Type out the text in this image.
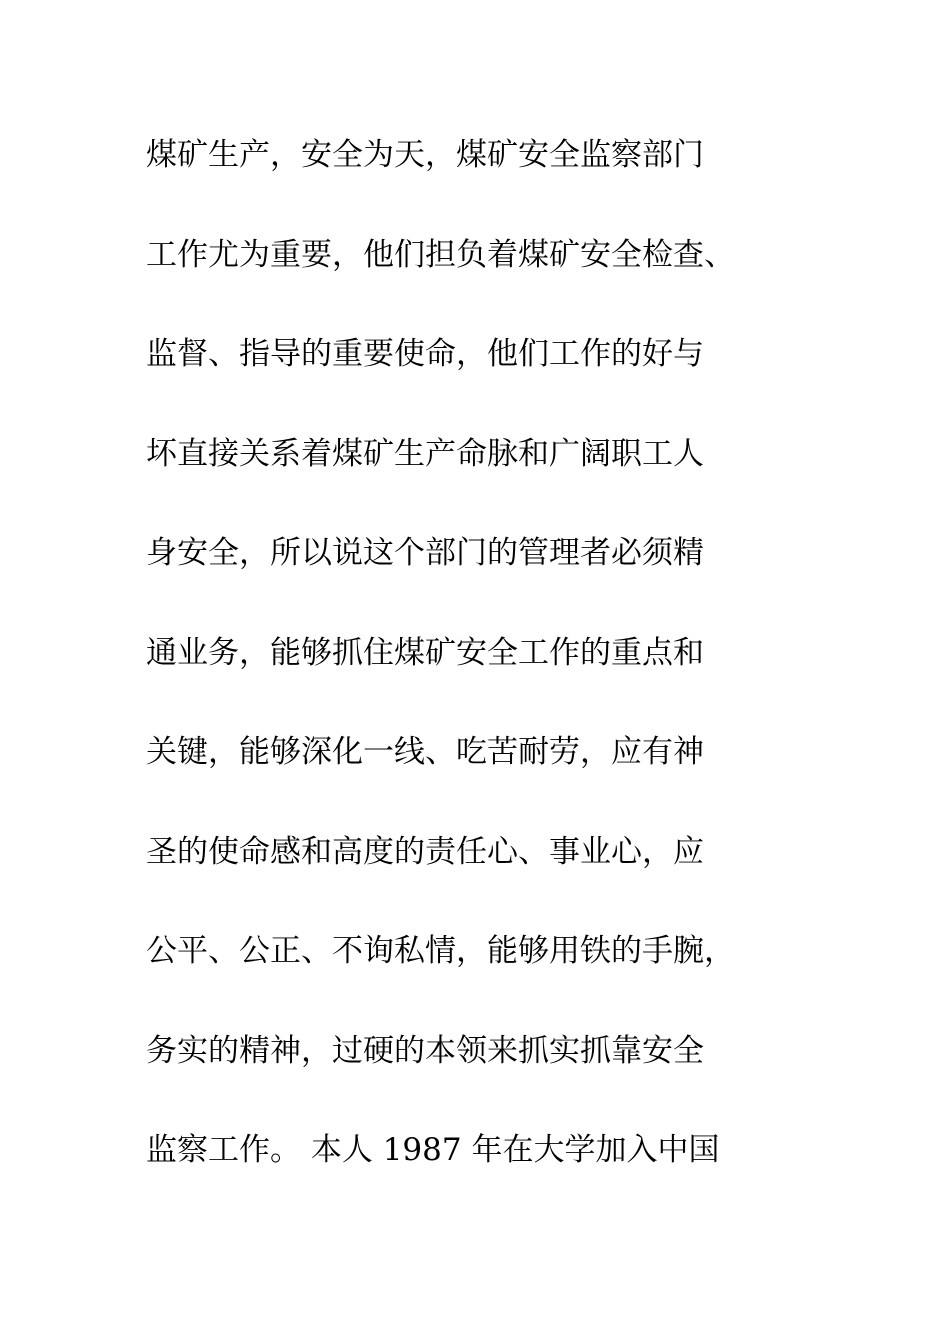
煤矿生产，安全为天，煤矿安全监察部门
工作尤为重要，他们担负着煤矿安全检查、
监督、指导的重要使命，他们工作的好与
坏直接关系着煤矿生产命脉和广阔职工人
身安全，所以说这个部门的管理者必须精
通业务，能够抓住煤矿安全工作的重点和
关键，能够深化一线、吃苦耐劳，应有神
圣的使命感和高度的责任心、事业心，应
公平、公正、不询私情，能够用铁的手腕，
务实的精神，过硬的本领来抓实抓靠安全
监察工作。 本人 1987 年在大学加入中国
